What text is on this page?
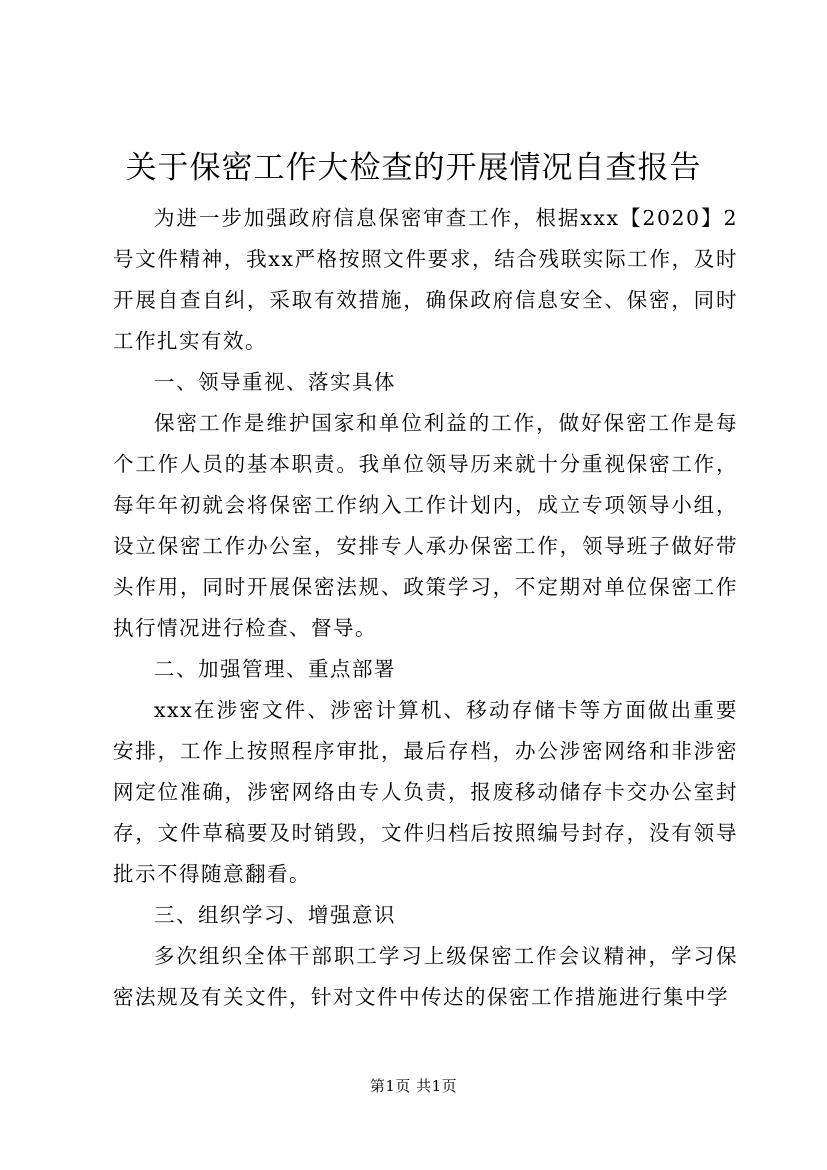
关于保密工作大检查的开展情况自查报告

为进一步加强政府信息保密审查工作，根据xxx【2020】2号文件精神，我xx严格按照文件要求，结合残联实际工作，及时开展自查自纠，采取有效措施，确保政府信息安全、保密，同时工作扎实有效。

一、领导重视、落实具体

保密工作是维护国家和单位利益的工作，做好保密工作是每个工作人员的基本职责。我单位领导历来就十分重视保密工作，每年年初就会将保密工作纳入工作计划内，成立专项领导小组，设立保密工作办公室，安排专人承办保密工作，领导班子做好带头作用，同时开展保密法规、政策学习，不定期对单位保密工作执行情况进行检查、督导。

二、加强管理、重点部署

xxx在涉密文件、涉密计算机、移动存储卡等方面做出重要安排，工作上按照程序审批，最后存档，办公涉密网络和非涉密网定位准确，涉密网络由专人负责，报废移动储存卡交办公室封存，文件草稿要及时销毁，文件归档后按照编号封存，没有领导批示不得随意翻看。

三、组织学习、增强意识

多次组织全体干部职工学习上级保密工作会议精神，学习保密法规及有关文件，针对文件中传达的保密工作措施进行集中学

第1页 共1页
